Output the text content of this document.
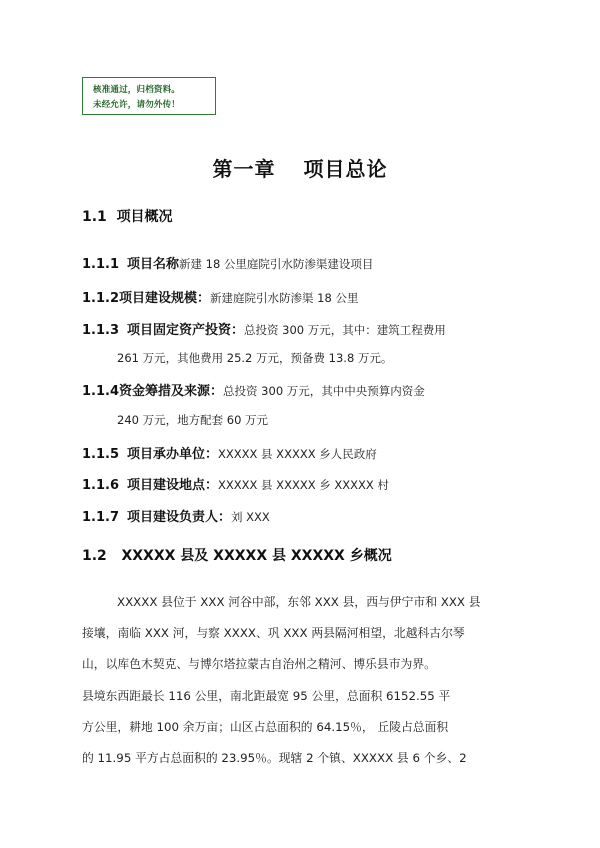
核准通过，归档资料。
未经允许，请勿外传！
第一章 项目总论
1.1 项目概况
1.1.1 项目名称新建 18 公里庭院引水防渗渠建设项目
1.1.2项目建设规模：新建庭院引水防渗渠 18 公里
1.1.3 项目固定资产投资：总投资 300 万元，其中：建筑工程费用
261 万元，其他费用 25.2 万元，预备费 13.8 万元。
1.1.4资金筹措及来源：总投资 300 万元，其中中央预算内资金
240 万元，地方配套 60 万元
1.1.5 项目承办单位：XXXXX 县 XXXXX 乡人民政府
1.1.6 项目建设地点：XXXXX 县 XXXXX 乡 XXXXX 村
1.1.7 项目建设负责人：刘 XXX
1.2 XXXXX 县及 XXXXX 县 XXXXX 乡概况
XXXXX 县位于 XXX 河谷中部，东邻 XXX 县，西与伊宁市和 XXX 县
接壤，南临 XXX 河，与察 XXXX、巩 XXX 两县隔河相望，北越科古尔琴
山，以库色木契克、与博尔塔拉蒙古自治州之精河、博乐县市为界。
县境东西距最长 116 公里，南北距最宽 95 公里，总面积 6152.55 平
方公里，耕地 100 余万亩；山区占总面积的 64.15％， 丘陵占总面积
的 11.95 平方占总面积的 23.95％。现辖 2 个镇、XXXXX 县 6 个乡、2
